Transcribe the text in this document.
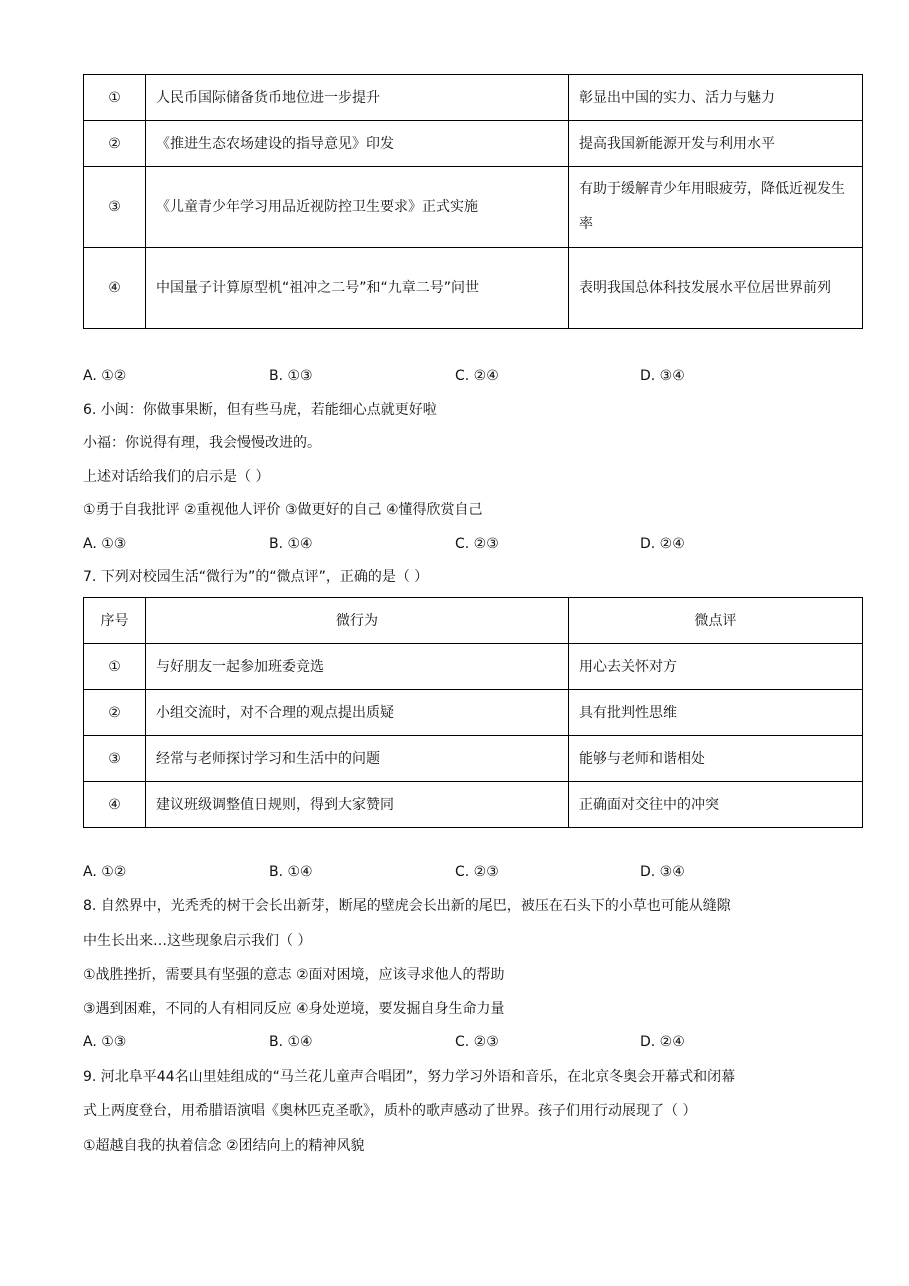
①	人民币国际储备货币地位进一步提升	彰显出中国的实力、活力与魅力
②	《推进生态农场建设的指导意见》印发	提高我国新能源开发与利用水平
③	《儿童青少年学习用品近视防控卫生要求》正式实施	有助于缓解青少年用眼疲劳，降低近视发生率
④	中国量子计算原型机“祖冲之二号”和“九章二号”问世	表明我国总体科技发展水平位居世界前列
A. ①②	B. ①③	C. ②④	D. ③④
6. 小闽：你做事果断，但有些马虎，若能细心点就更好啦
小福：你说得有理，我会慢慢改进的。
上述对话给我们的启示是（ ）
①勇于自我批评 ②重视他人评价 ③做更好的自己 ④懂得欣赏自己
A. ①③	B. ①④	C. ②③	D. ②④
7. 下列对校园生活“微行为”的“微点评”，正确的是（ ）
序号	微行为	微点评
①	与好朋友一起参加班委竞选	用心去关怀对方
②	小组交流时，对不合理的观点提出质疑	具有批判性思维
③	经常与老师探讨学习和生活中的问题	能够与老师和谐相处
④	建议班级调整值日规则，得到大家赞同	正确面对交往中的冲突
A. ①②	B. ①④	C. ②③	D. ③④
8. 自然界中，光秃秃的树干会长出新芽，断尾的壁虎会长出新的尾巴，被压在石头下的小草也可能从缝隙
中生长出来…这些现象启示我们（ ）
①战胜挫折，需要具有坚强的意志 ②面对困境，应该寻求他人的帮助
③遇到困难，不同的人有相同反应 ④身处逆境，要发掘自身生命力量
A. ①③	B. ①④	C. ②③	D. ②④
9. 河北阜平44名山里娃组成的“马兰花儿童声合唱团”，努力学习外语和音乐，在北京冬奥会开幕式和闭幕
式上两度登台，用希腊语演唱《奥林匹克圣歌》，质朴的歌声感动了世界。孩子们用行动展现了（ ）
①超越自我的执着信念 ②团结向上的精神风貌
